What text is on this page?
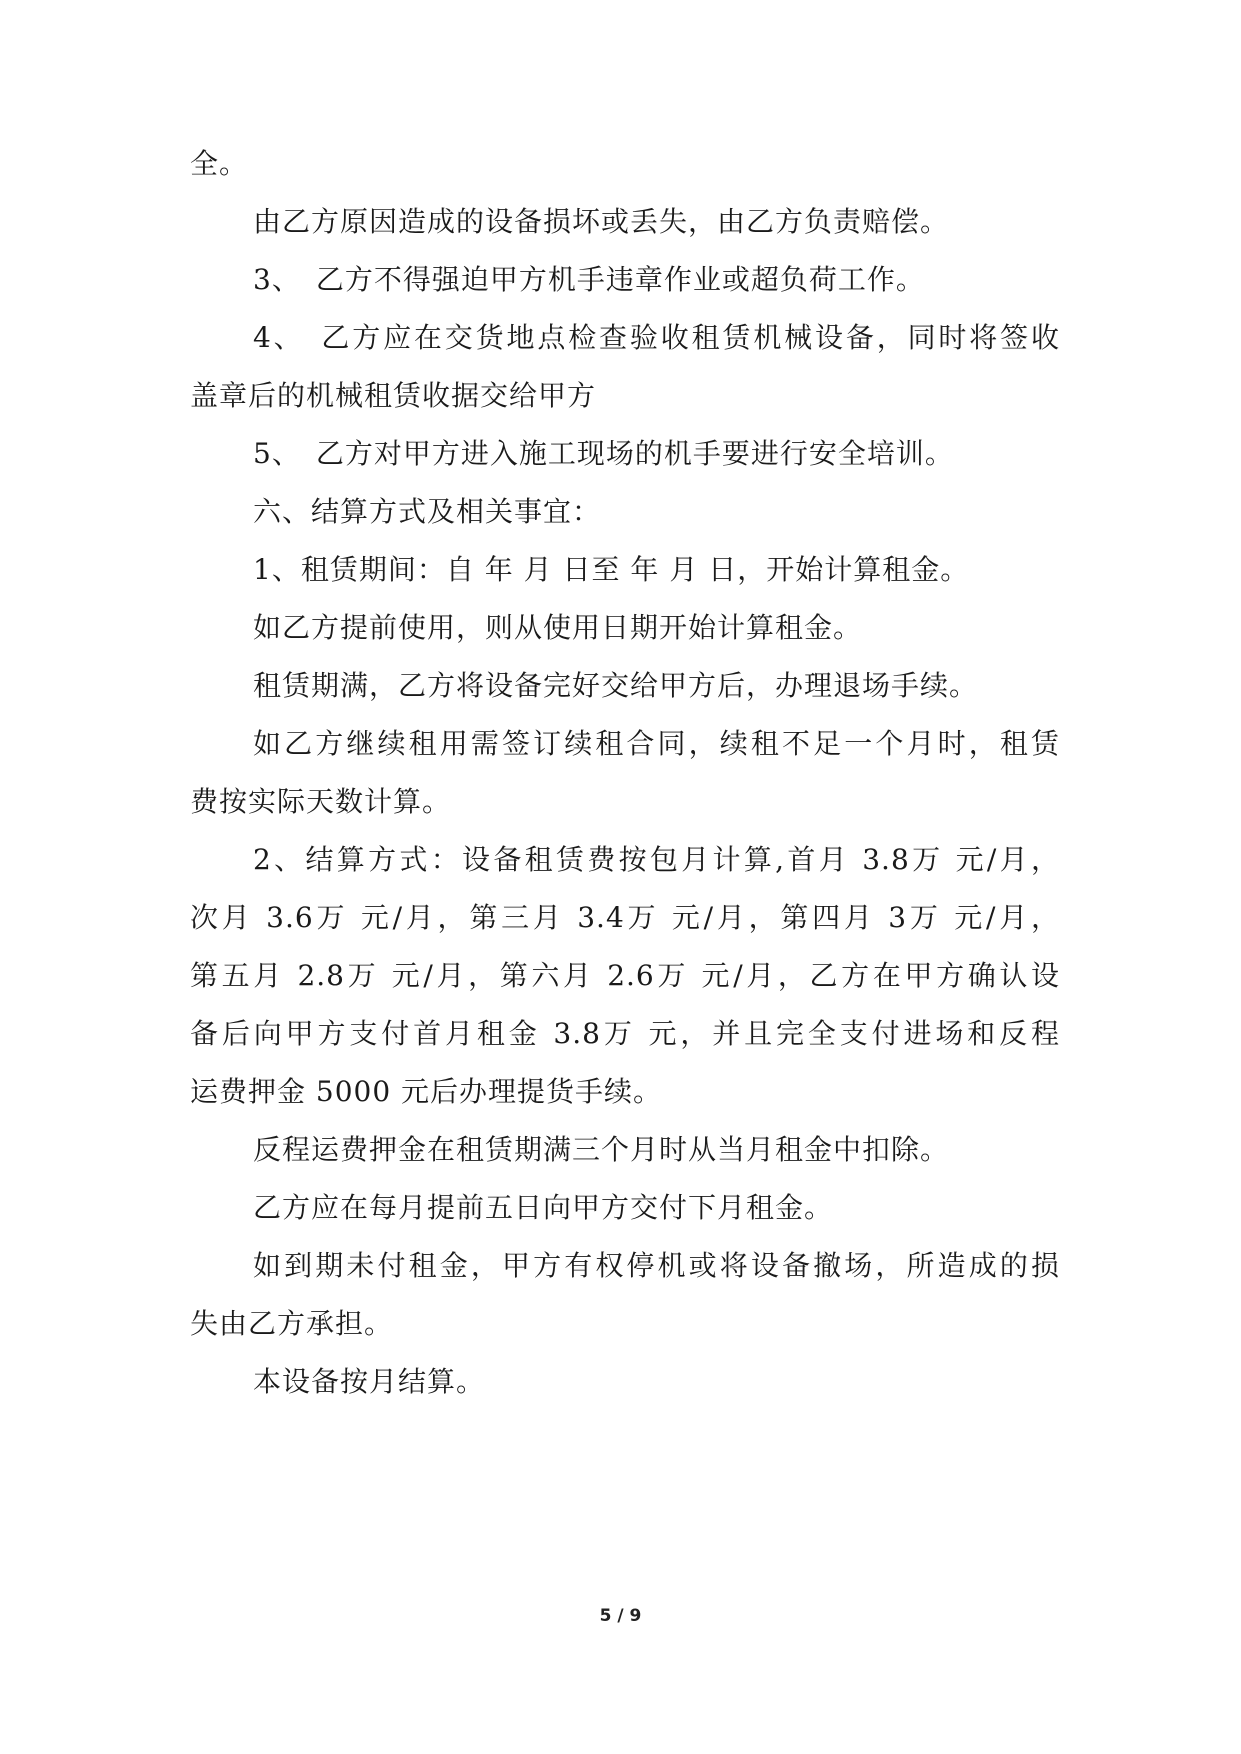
全。
由乙方原因造成的设备损坏或丢失，由乙方负责赔偿。
3、　乙方不得强迫甲方机手违章作业或超负荷工作。
4、　乙方应在交货地点检查验收租赁机械设备，同时将签收
盖章后的机械租赁收据交给甲方
5、　乙方对甲方进入施工现场的机手要进行安全培训。
六、结算方式及相关事宜：
1、租赁期间：自 年 月 日至 年 月 日，开始计算租金。
如乙方提前使用，则从使用日期开始计算租金。
租赁期满，乙方将设备完好交给甲方后，办理退场手续。
如乙方继续租用需签订续租合同，续租不足一个月时，租赁
费按实际天数计算。
2、结算方式：设备租赁费按包月计算,首月 3.8万 元/月，
次月 3.6万 元/月，第三月 3.4万 元/月，第四月 3万 元/月，
第五月 2.8万 元/月，第六月 2.6万 元/月，乙方在甲方确认设
备后向甲方支付首月租金 3.8万 元，并且完全支付进场和反程
运费押金 5000 元后办理提货手续。
反程运费押金在租赁期满三个月时从当月租金中扣除。
乙方应在每月提前五日向甲方交付下月租金。
如到期未付租金，甲方有权停机或将设备撤场，所造成的损
失由乙方承担。
本设备按月结算。
5 / 9
